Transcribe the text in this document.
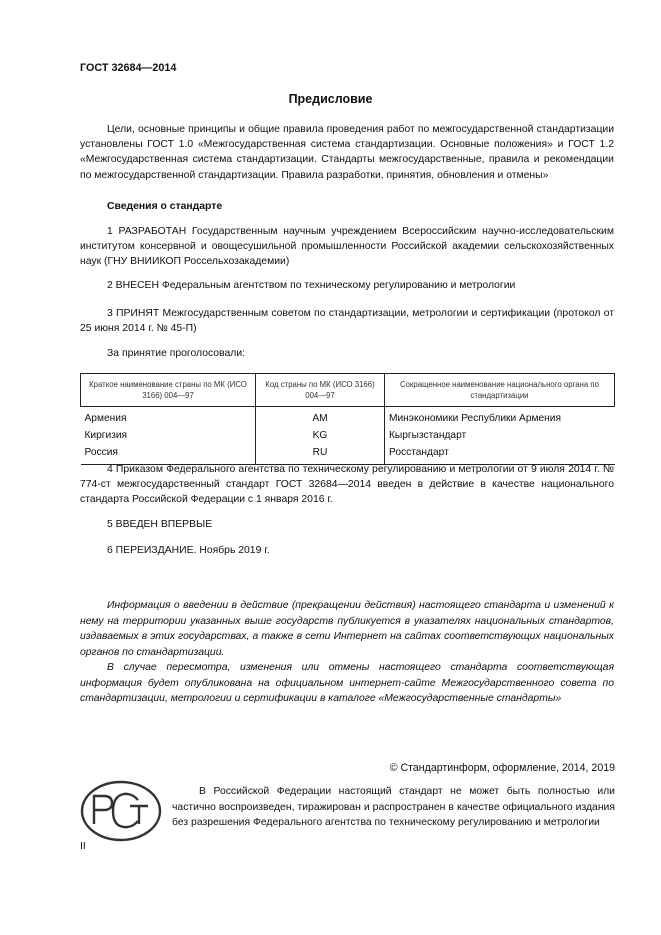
ГОСТ 32684—2014
Предисловие
Цели, основные принципы и общие правила проведения работ по межгосударственной стандартизации установлены ГОСТ 1.0 «Межгосударственная система стандартизации. Основные положения» и ГОСТ 1.2 «Межгосударственная система стандартизации. Стандарты межгосударственные, правила и рекомендации по межгосударственной стандартизации. Правила разработки, принятия, обновления и отмены»
Сведения о стандарте
1 РАЗРАБОТАН Государственным научным учреждением Всероссийским научно-исследовательским институтом консервной и овощесушильной промышленности Российской академии сельскохозяйственных наук (ГНУ ВНИИКОП Россельхозакадемии)
2 ВНЕСЕН Федеральным агентством по техническому регулированию и метрологии
3 ПРИНЯТ Межгосударственным советом по стандартизации, метрологии и сертификации (протокол от 25 июня 2014 г. № 45-П)
За принятие проголосовали:
Краткое наименование страны по МК (ИСО 3166) 004—97	Код страны по МК (ИСО 3166) 004—97	Сокращенное наименование национального органа по стандартизации
Армения	AM	Минэкономики Республики Армения
Киргизия	KG	Кыргызстандарт
Россия	RU	Росстандарт
4 Приказом Федерального агентства по техническому регулированию и метрологии от 9 июля 2014 г. № 774-ст межгосударственный стандарт ГОСТ 32684—2014 введен в действие в качестве национального стандарта Российской Федерации с 1 января 2016 г.
5 ВВЕДЕН ВПЕРВЫЕ
6 ПЕРЕИЗДАНИЕ. Ноябрь 2019 г.
Информация о введении в действие (прекращении действия) настоящего стандарта и изменений к нему на территории указанных выше государств публикуется в указателях национальных стандартов, издаваемых в этих государствах, а также в сети Интернет на сайтах соответствующих национальных органов по стандартизации.
В случае пересмотра, изменения или отмены настоящего стандарта соответствующая информация будет опубликована на официальном интернет-сайте Межгосударственного совета по стандартизации, метрологии и сертификации в каталоге «Межгосударственные стандарты»
© Стандартинформ, оформление, 2014, 2019
В Российской Федерации настоящий стандарт не может быть полностью или частично воспроизведен, тиражирован и распространен в качестве официального издания без разрешения Федерального агентства по техническому регулированию и метрологии
II
